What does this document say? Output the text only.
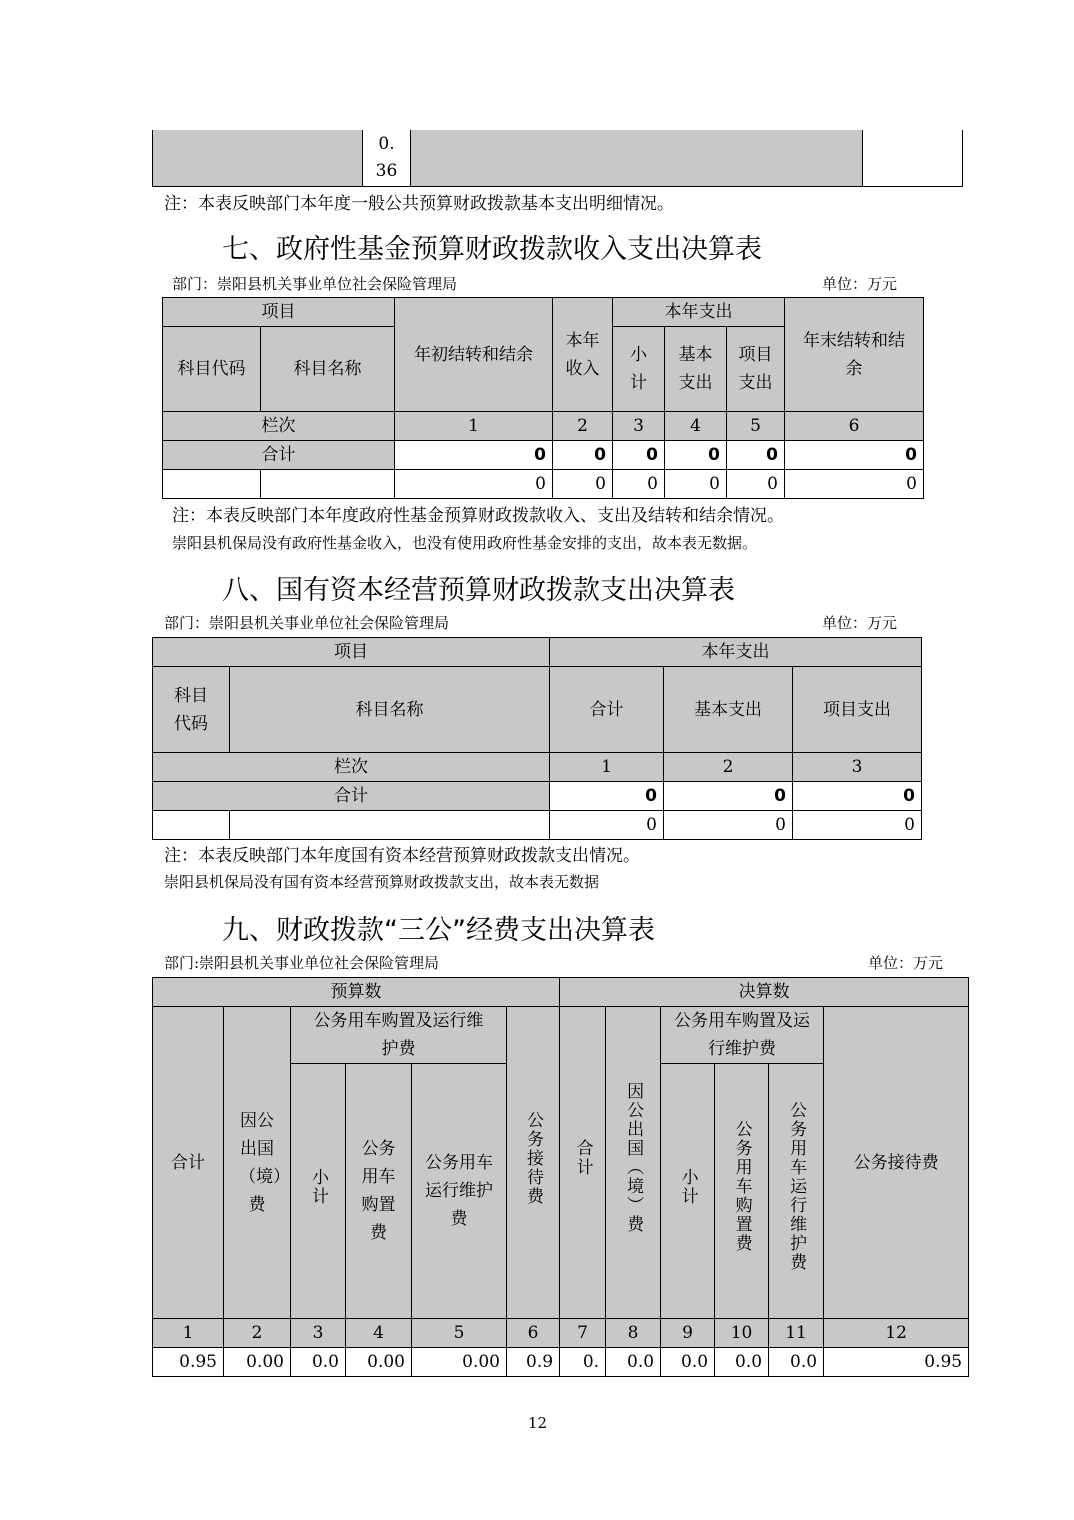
	0.
36		
注：本表反映部门本年度一般公共预算财政拨款基本支出明细情况。
七、政府性基金预算财政拨款收入支出决算表
部门：崇阳县机关事业单位社会保险管理局	单位：万元
项目		年初结转和结余	本年收入	本年支出			年末结转和结余
科目代码	科目名称			小计	基本支出	项目支出	
栏次		1	2	3	4	5	6
合计		0	0	0	0	0	0
		0	0	0	0	0	0
注：本表反映部门本年度政府性基金预算财政拨款收入、支出及结转和结余情况。
崇阳县机保局没有政府性基金收入，也没有使用政府性基金安排的支出，故本表无数据。
八、国有资本经营预算财政拨款支出决算表
部门：崇阳县机关事业单位社会保险管理局	单位：万元
项目		本年支出		
科目代码	科目名称	合计	基本支出	项目支出
栏次		1	2	3
合计		0	0	0
		0	0	0
注：本表反映部门本年度国有资本经营预算财政拨款支出情况。
崇阳县机保局没有国有资本经营预算财政拨款支出，故本表无数据
九、财政拨款“三公”经费支出决算表
部门:崇阳县机关事业单位社会保险管理局	单位：万元
预算数						决算数					
合计	因公出国（境）费	公务用车购置及运行维护费			公务接待费	合计	因公出国（境）费	公务用车购置及运行维护费			公务接待费
		小计	公务用车购置费	公务用车运行维护费				小计	公务用车购置费	公务用车运行维护费	
1	2	3	4	5	6	7	8	9	10	11	12
0.95	0.00	0.0	0.00	0.00	0.9	0.	0.0	0.0	0.0	0.0	0.95
12
